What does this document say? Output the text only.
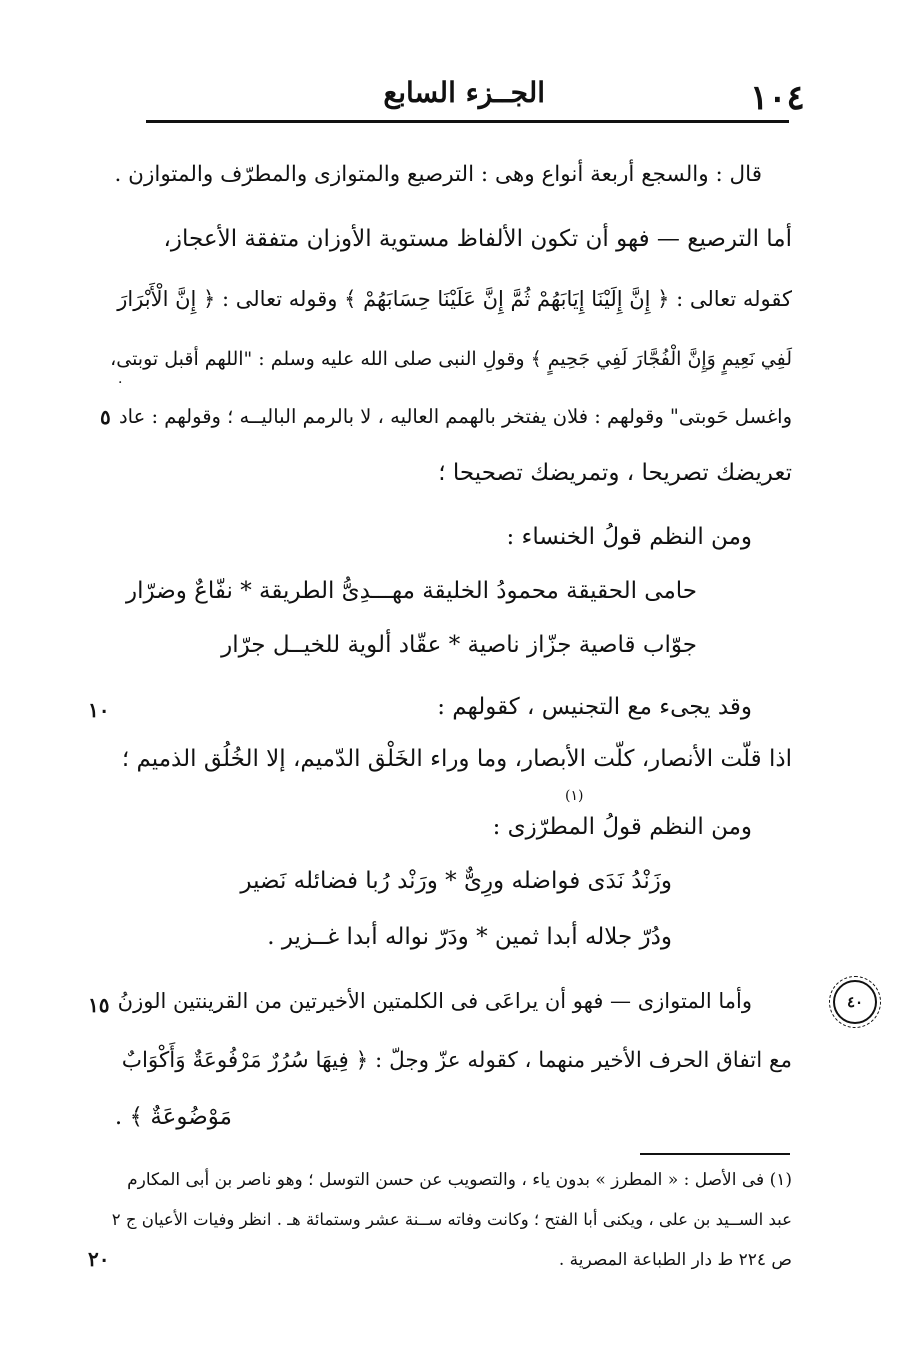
١٠٤
الجــزء السابع
قال : والسجع أربعة أنواع وهى : الترصيع والمتوازى والمطرّف والمتوازن .
أما الترصيع — فهو أن تكون الألفاظ مستوية الأوزان متفقة الأعجاز،
كقوله تعالى : ﴿ إِنَّ إِلَيْنَا إِيَابَهُمْ ثُمَّ إِنَّ عَلَيْنَا حِسَابَهُمْ ﴾ وقوله تعالى : ﴿ إِنَّ الْأَبْرَارَ
لَفِي نَعِيمٍ وَإِنَّ الْفُجَّارَ لَفِي جَحِيمٍ ﴾ وقولِ النبى صلى الله عليه وسلم : "اللهم أقبل توبتى،
واغسل حَوبتى" وقولهم : فلان يفتخر بالهمم العاليه ، لا بالرمم الباليــه ؛ وقولهم : عاد
تعريضك تصريحا ، وتمريضك تصحيحا ؛
ومن النظم قولُ الخنساء :
حامى الحقيقة محمودُ الخليقة مهـــدِىُّ الطريقة * نفّاعٌ وضرّار
جوّاب قاصية جزّاز ناصية * عقّاد ألوية للخيــل جرّار
وقد يجىء مع التجنيس ، كقولهم :
اذا قلّت الأنصار، كلّت الأبصار، وما وراء الخَلْق الدّميم، إلا الخُلُق الذميم ؛
(١)
ومن النظم قولُ المطرّزى :
وزَنْدُ نَدَى فواضله ورِىٌّ * ورَنْد رُبا فضائله نَضير
ودُرّ جلاله أبدا ثمين * ودَرّ نواله أبدا غــزير .
وأما المتوازى — فهو أن يراعَى فى الكلمتين الأخيرتين من القرينتين الوزنُ
مع اتفاق الحرف الأخير منهما ، كقوله عزّ وجلّ : ﴿ فِيهَا سُرُرٌ مَرْفُوعَةٌ وَأَكْوَابٌ
مَوْضُوعَةٌ ﴾ .
٥
١٠
١٥
٢٠
·
٤٠
(١) فى الأصل : « المطرز » بدون ياء ، والتصويب عن حسن التوسل ؛ وهو ناصر بن أبى المكارم
عبد الســيد بن على ، ويكنى أبا الفتح ؛ وكانت وفاته ســنة عشر وستمائة هـ . انظر وفيات الأعيان ج ٢
ص ٢٢٤ ط دار الطباعة المصرية .
